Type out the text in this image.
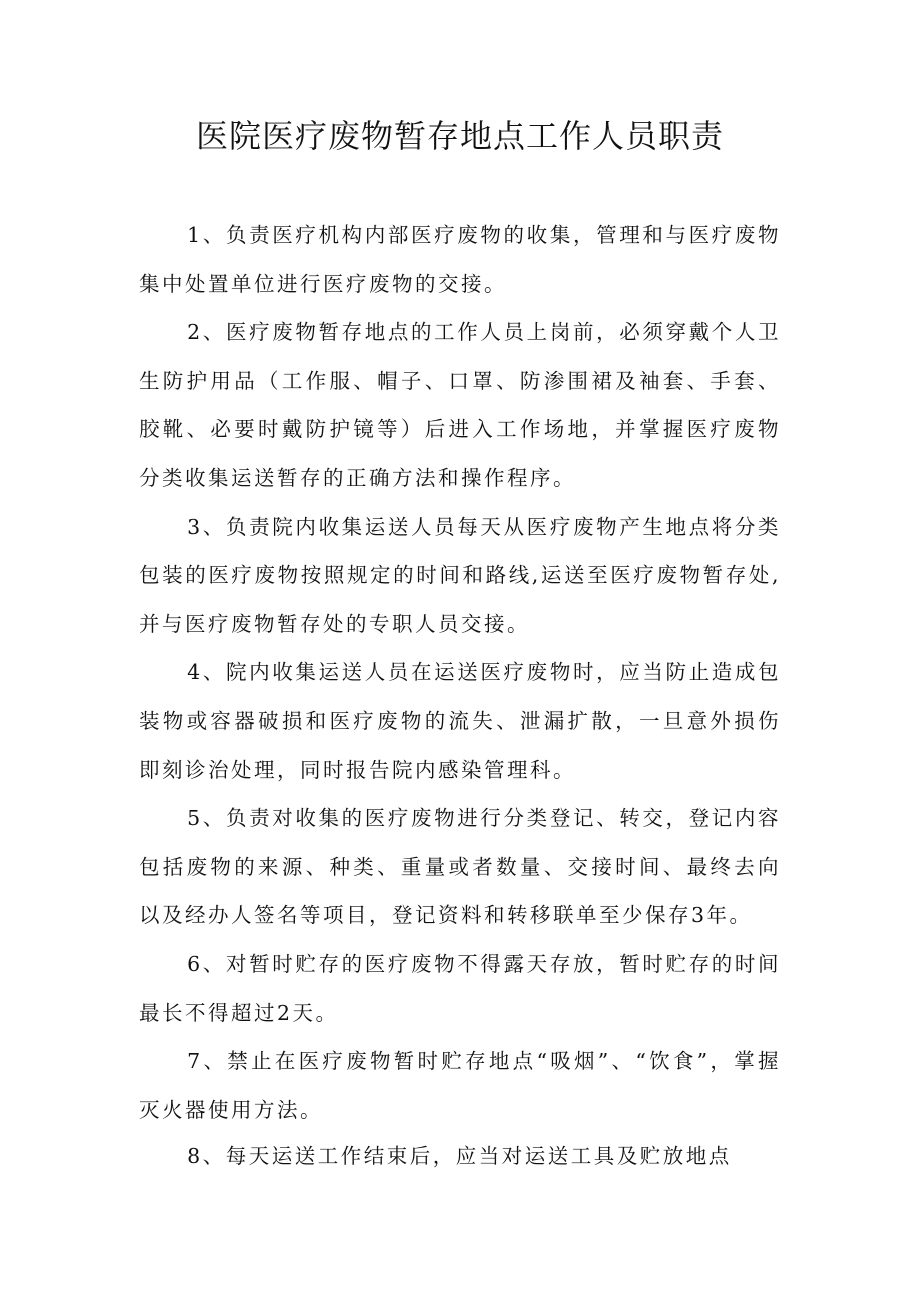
医院医疗废物暂存地点工作人员职责

1、负责医疗机构内部医疗废物的收集，管理和与医疗废物集中处置单位进行医疗废物的交接。

2、医疗废物暂存地点的工作人员上岗前，必须穿戴个人卫生防护用品（工作服、帽子、口罩、防渗围裙及袖套、手套、胶靴、必要时戴防护镜等）后进入工作场地，并掌握医疗废物分类收集运送暂存的正确方法和操作程序。

3、负责院内收集运送人员每天从医疗废物产生地点将分类包装的医疗废物按照规定的时间和路线,运送至医疗废物暂存处,并与医疗废物暂存处的专职人员交接。

4、院内收集运送人员在运送医疗废物时，应当防止造成包装物或容器破损和医疗废物的流失、泄漏扩散，一旦意外损伤即刻诊治处理，同时报告院内感染管理科。

5、负责对收集的医疗废物进行分类登记、转交，登记内容包括废物的来源、种类、重量或者数量、交接时间、最终去向以及经办人签名等项目，登记资料和转移联单至少保存3年。

6、对暂时贮存的医疗废物不得露天存放，暂时贮存的时间最长不得超过2天。

7、禁止在医疗废物暂时贮存地点“吸烟”、“饮食”，掌握灭火器使用方法。

8、每天运送工作结束后，应当对运送工具及贮放地点
